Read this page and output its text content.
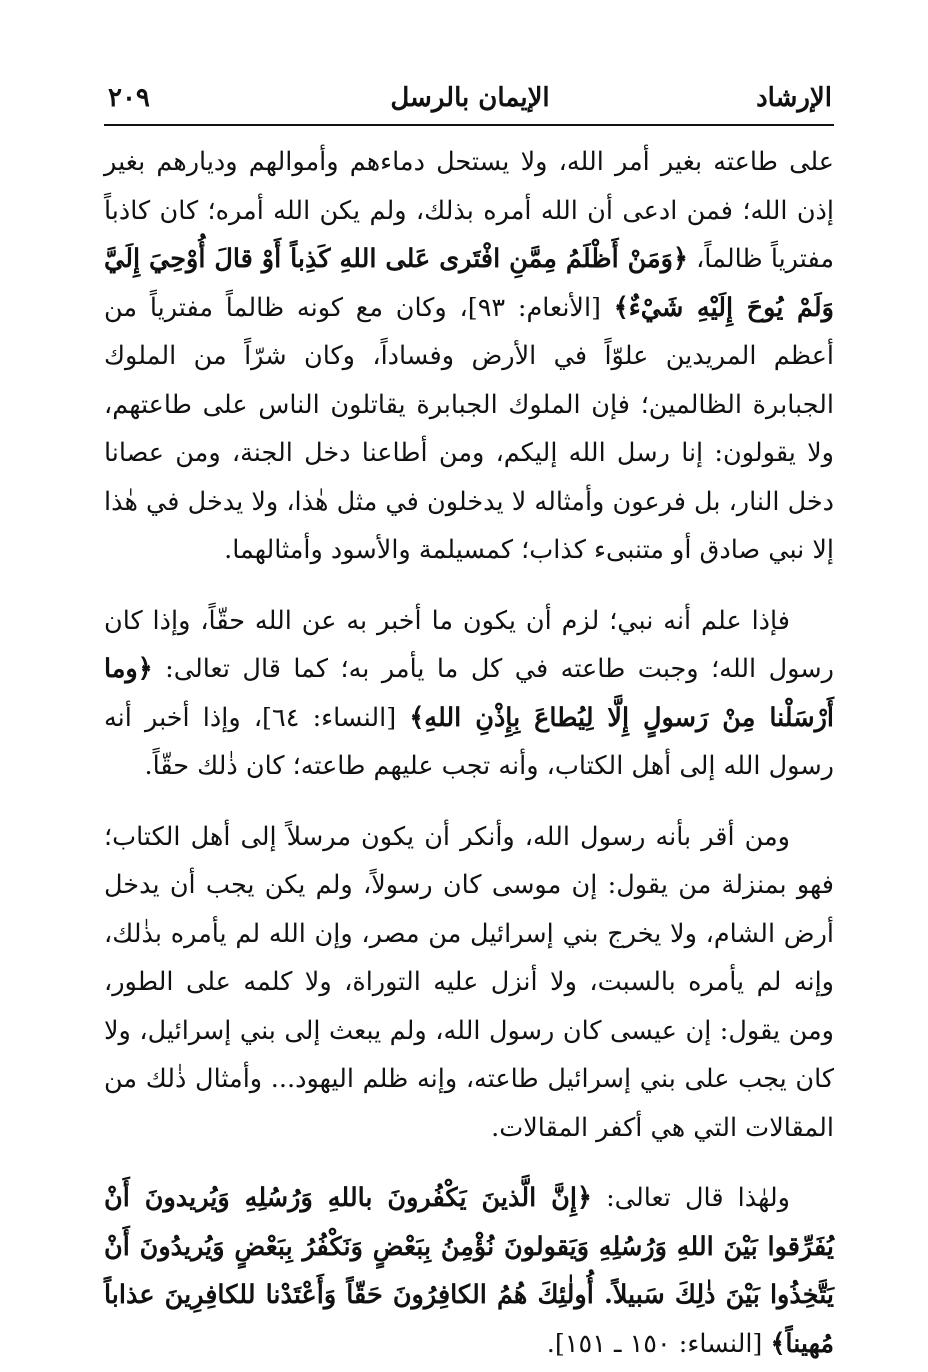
الإرشاد
الإيمان بالرسل
٢٠٩

على طاعته بغير أمر الله، ولا يستحل دماءهم وأموالهم وديارهم بغير إذن الله؛ فمن ادعى أن الله أمره بذلك، ولم يكن الله أمره؛ كان كاذباً مفترياً ظالماً، ﴿وَمَنْ أَظْلَمُ مِمَّنِ افْتَرى عَلى اللهِ كَذِباً أَوْ قالَ أُوْحِيَ إِلَيَّ وَلَمْ يُوحَ إِلَيْهِ شَيْءٌ﴾ [الأنعام: ٩٣]، وكان مع كونه ظالماً مفترياً من أعظم المريدين علوّاً في الأرض وفساداً، وكان شرّاً من الملوك الجبابرة الظالمين؛ فإن الملوك الجبابرة يقاتلون الناس على طاعتهم، ولا يقولون: إنا رسل الله إليكم، ومن أطاعنا دخل الجنة، ومن عصانا دخل النار، بل فرعون وأمثاله لا يدخلون في مثل هٰذا، ولا يدخل في هٰذا إلا نبي صادق أو متنبىء كذاب؛ كمسيلمة والأسود وأمثالهما.

فإذا علم أنه نبي؛ لزم أن يكون ما أخبر به عن الله حقّاً، وإذا كان رسول الله؛ وجبت طاعته في كل ما يأمر به؛ كما قال تعالى: ﴿وما أَرْسَلْنا مِنْ رَسولٍ إِلَّا لِيُطاعَ بِإِذْنِ اللهِ﴾ [النساء: ٦٤]، وإذا أخبر أنه رسول الله إلى أهل الكتاب، وأنه تجب عليهم طاعته؛ كان ذٰلك حقّاً.

ومن أقر بأنه رسول الله، وأنكر أن يكون مرسلاً إلى أهل الكتاب؛ فهو بمنزلة من يقول: إن موسى كان رسولاً، ولم يكن يجب أن يدخل أرض الشام، ولا يخرج بني إسرائيل من مصر، وإن الله لم يأمره بذٰلك، وإنه لم يأمره بالسبت، ولا أنزل عليه التوراة، ولا كلمه على الطور، ومن يقول: إن عيسى كان رسول الله، ولم يبعث إلى بني إسرائيل، ولا كان يجب على بني إسرائيل طاعته، وإنه ظلم اليهود... وأمثال ذٰلك من المقالات التي هي أكفر المقالات.

ولهٰذا قال تعالى: ﴿إِنَّ الَّذينَ يَكْفُرونَ باللهِ وَرُسُلِهِ وَيُريدونَ أَنْ يُفَرِّقوا بَيْنَ اللهِ وَرُسُلِهِ وَيَقولونَ نُؤْمِنُ بِبَعْضٍ وَنَكْفُرُ بِبَعْضٍ وَيُريدُونَ أَنْ يَتَّخِذُوا بَيْنَ ذٰلِكَ سَبيلاً. أُولٰئِكَ هُمُ الكافِرُونَ حَقّاً وَأَعْتَدْنا للكافِرِينَ عذاباً مُهيناً﴾ [النساء: ١٥٠ ـ ١٥١].
